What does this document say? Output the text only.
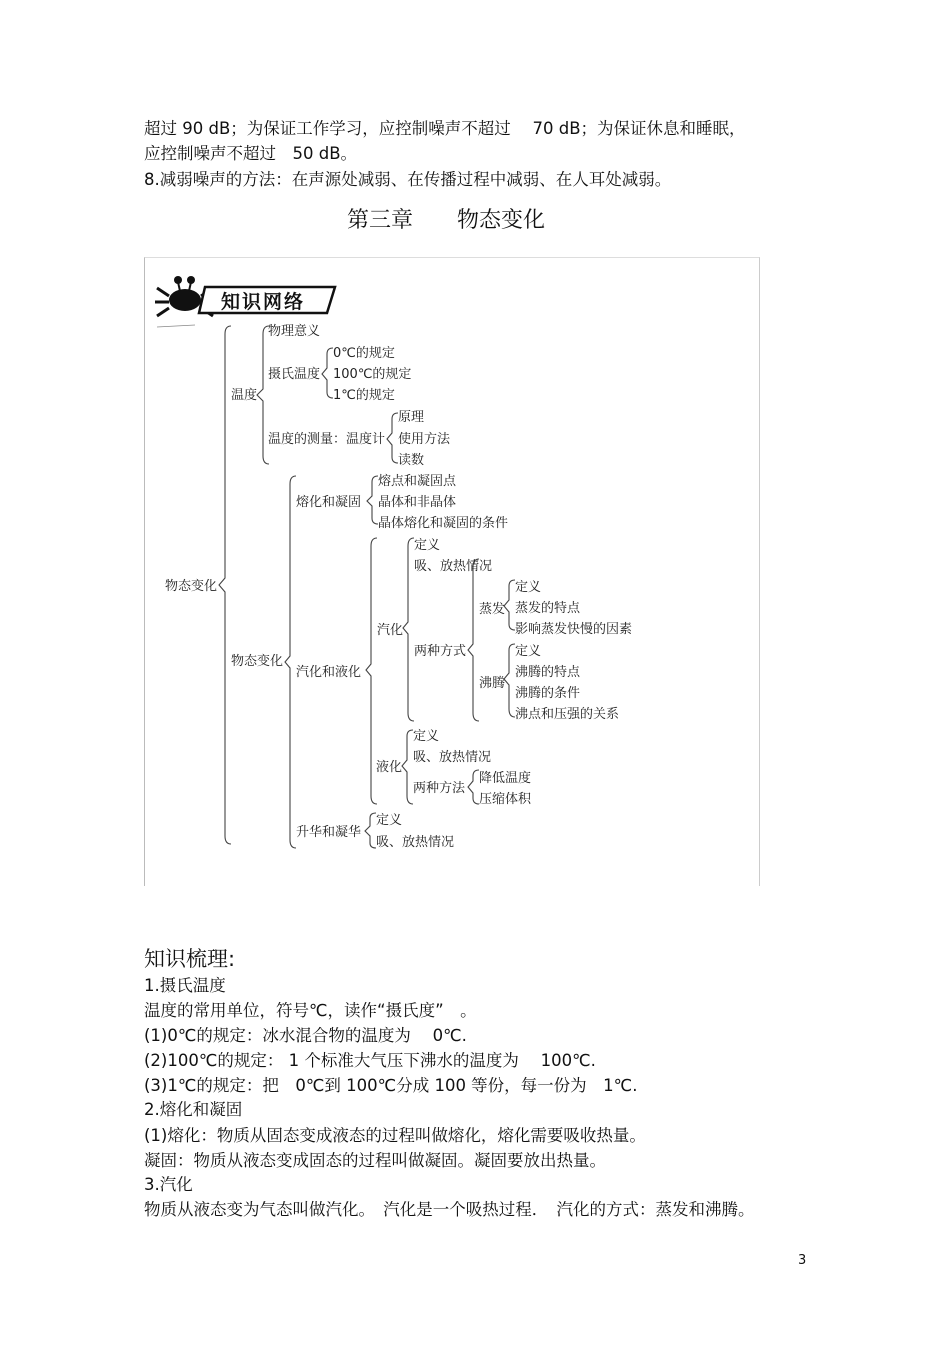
超过 90 dB；为保证工作学习，应控制噪声不超过　 70 dB；为保证休息和睡眠，
应控制噪声不超过　50 dB。
8.减弱噪声的方法：在声源处减弱、在传播过程中减弱、在人耳处减弱。
第三章　　物态变化
知识网络
物态变化
温度
物理意义
摄氏温度
0℃的规定
100℃的规定
1℃的规定
温度的测量：温度计
原理
使用方法
读数
物态变化
熔化和凝固
熔点和凝固点
晶体和非晶体
晶体熔化和凝固的条件
汽化和液化
汽化
定义
吸、放热情况
两种方式
蒸发
定义
蒸发的特点
影响蒸发快慢的因素
沸腾
定义
沸腾的特点
沸腾的条件
沸点和压强的关系
液化
定义
吸、放热情况
两种方法
降低温度
压缩体积
升华和凝华
定义
吸、放热情况
知识梳理:
1.摄氏温度
温度的常用单位，符号℃，读作“摄氏度”　。
(1)0℃的规定：冰水混合物的温度为　 0℃.
(2)100℃的规定： 1 个标准大气压下沸水的温度为　 100℃.
(3)1℃的规定：把　0℃到 100℃分成 100 等份，每一份为　1℃.
2.熔化和凝固
(1)熔化：物质从固态变成液态的过程叫做熔化，熔化需要吸收热量。
凝固：物质从液态变成固态的过程叫做凝固。凝固要放出热量。
3.汽化
物质从液态变为气态叫做汽化。　汽化是一个吸热过程．　汽化的方式：蒸发和沸腾。
3
